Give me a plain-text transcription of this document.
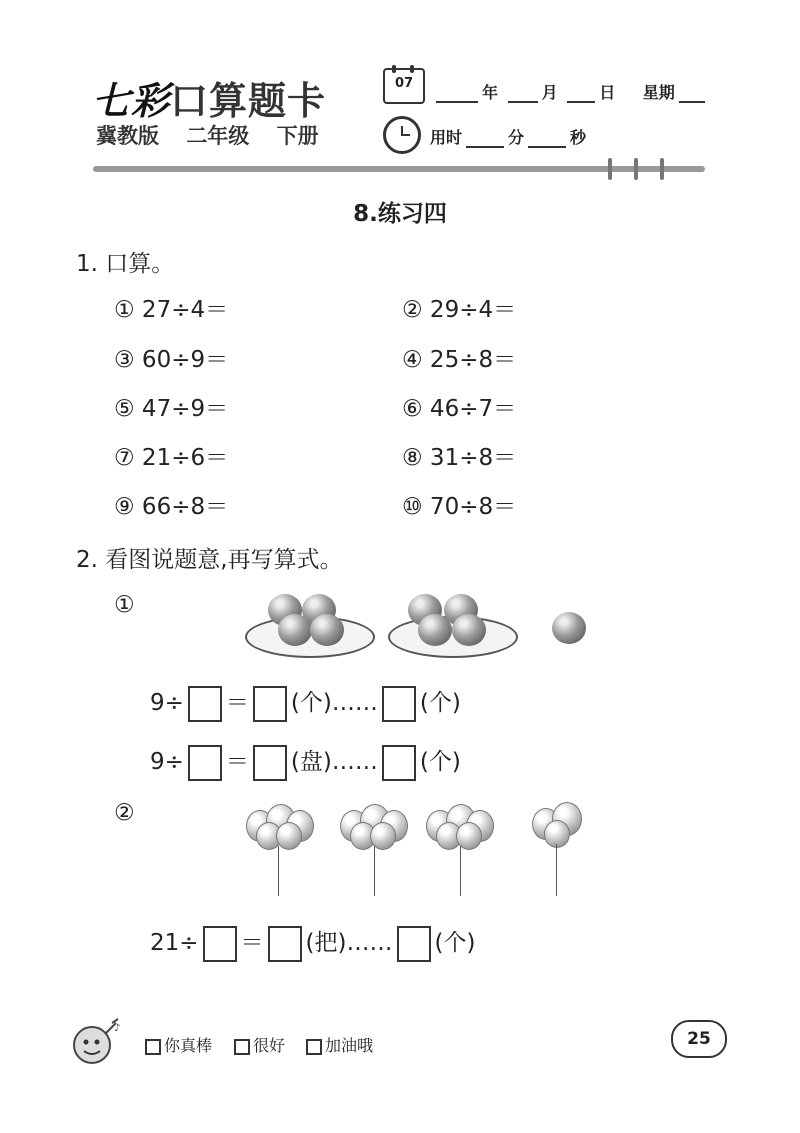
七彩口算题卡
冀教版 二年级 下册
07	年	月	日 星期
用时	分	秒
8.练习四
1. 口算。
① 27÷4＝	② 29÷4＝
③ 60÷9＝	④ 25÷8＝
⑤ 47÷9＝	⑥ 46÷7＝
⑦ 21÷6＝	⑧ 31÷8＝
⑨ 66÷8＝	⑩ 70÷8＝
2. 看图说题意,再写算式。
①
9÷ ＝ (个)…… (个)
9÷ ＝ (盘)…… (个)
②
21÷ ＝ (把)…… (个)
♪
你真棒	很好	加油哦	25
